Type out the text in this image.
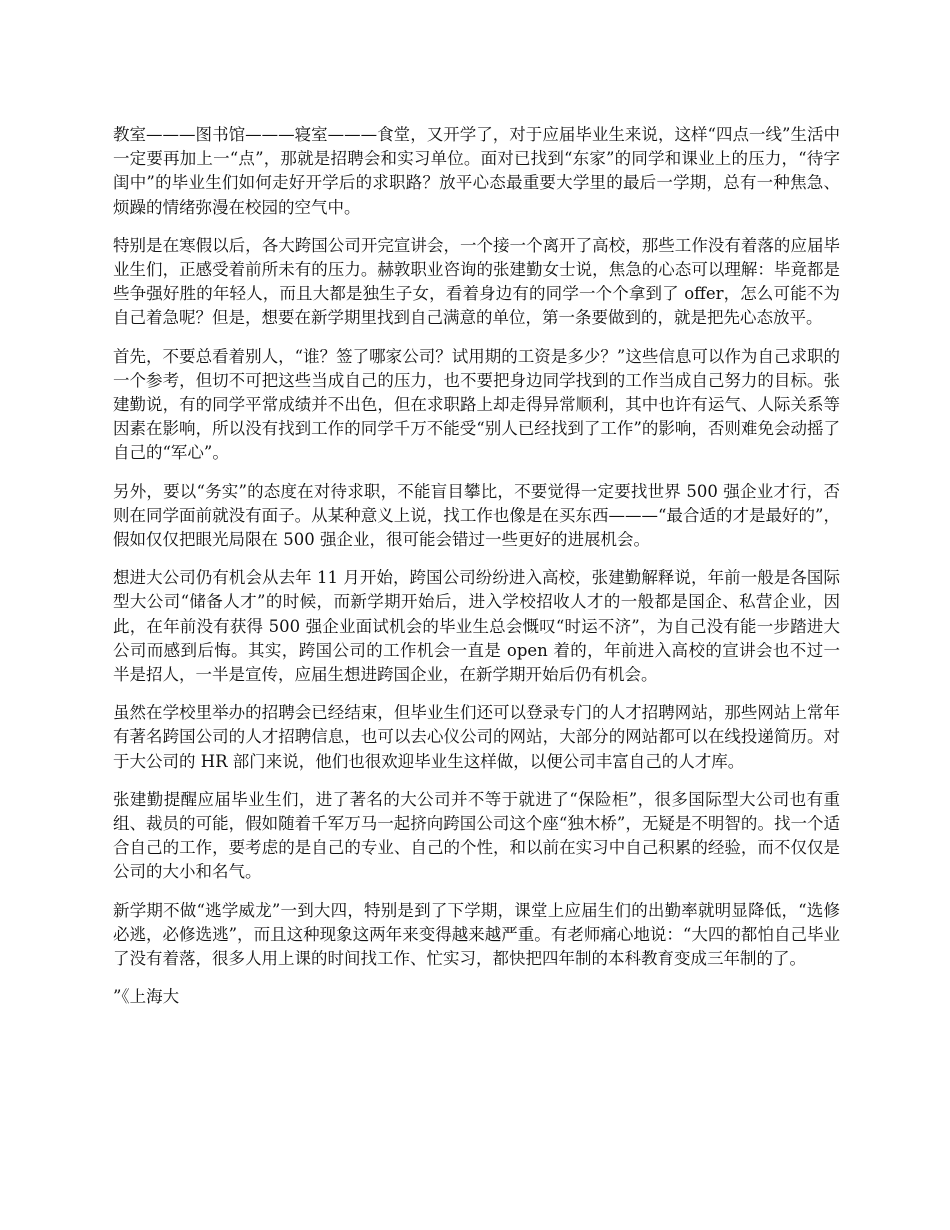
教室———图书馆———寝室———食堂，又开学了，对于应届毕业生来说，这样“四点一线”生活中一定要再加上一“点”，那就是招聘会和实习单位。面对已找到“东家”的同学和课业上的压力，“待字闺中”的毕业生们如何走好开学后的求职路？放平心态最重要大学里的最后一学期，总有一种焦急、烦躁的情绪弥漫在校园的空气中。

特别是在寒假以后，各大跨国公司开完宣讲会，一个接一个离开了高校，那些工作没有着落的应届毕业生们，正感受着前所未有的压力。赫敦职业咨询的张建勤女士说，焦急的心态可以理解：毕竟都是些争强好胜的年轻人，而且大都是独生子女，看着身边有的同学一个个拿到了 offer，怎么可能不为自己着急呢？但是，想要在新学期里找到自己满意的单位，第一条要做到的，就是把先心态放平。

首先，不要总看着别人，“谁？签了哪家公司？试用期的工资是多少？”这些信息可以作为自己求职的一个参考，但切不可把这些当成自己的压力，也不要把身边同学找到的工作当成自己努力的目标。张建勤说，有的同学平常成绩并不出色，但在求职路上却走得异常顺利，其中也许有运气、人际关系等因素在影响，所以没有找到工作的同学千万不能受“别人已经找到了工作”的影响，否则难免会动摇了自己的“军心”。

另外，要以“务实”的态度在对待求职，不能盲目攀比，不要觉得一定要找世界 500 强企业才行，否则在同学面前就没有面子。从某种意义上说，找工作也像是在买东西———“最合适的才是最好的”，假如仅仅把眼光局限在 500 强企业，很可能会错过一些更好的进展机会。

想进大公司仍有机会从去年 11 月开始，跨国公司纷纷进入高校，张建勤解释说，年前一般是各国际型大公司“储备人才”的时候，而新学期开始后，进入学校招收人才的一般都是国企、私营企业，因此，在年前没有获得 500 强企业面试机会的毕业生总会慨叹“时运不济”，为自己没有能一步踏进大公司而感到后悔。其实，跨国公司的工作机会一直是 open 着的，年前进入高校的宣讲会也不过一半是招人，一半是宣传，应届生想进跨国企业，在新学期开始后仍有机会。

虽然在学校里举办的招聘会已经结束，但毕业生们还可以登录专门的人才招聘网站，那些网站上常年有著名跨国公司的人才招聘信息，也可以去心仪公司的网站，大部分的网站都可以在线投递简历。对于大公司的 HR 部门来说，他们也很欢迎毕业生这样做，以便公司丰富自己的人才库。

张建勤提醒应届毕业生们，进了著名的大公司并不等于就进了“保险柜”，很多国际型大公司也有重组、裁员的可能，假如随着千军万马一起挤向跨国公司这个座“独木桥”，无疑是不明智的。找一个适合自己的工作，要考虑的是自己的专业、自己的个性，和以前在实习中自己积累的经验，而不仅仅是公司的大小和名气。

新学期不做“逃学威龙”一到大四，特别是到了下学期，课堂上应届生们的出勤率就明显降低，“选修必逃，必修选逃”，而且这种现象这两年来变得越来越严重。有老师痛心地说：“大四的都怕自己毕业了没有着落，很多人用上课的时间找工作、忙实习，都快把四年制的本科教育变成三年制的了。

”《上海大
